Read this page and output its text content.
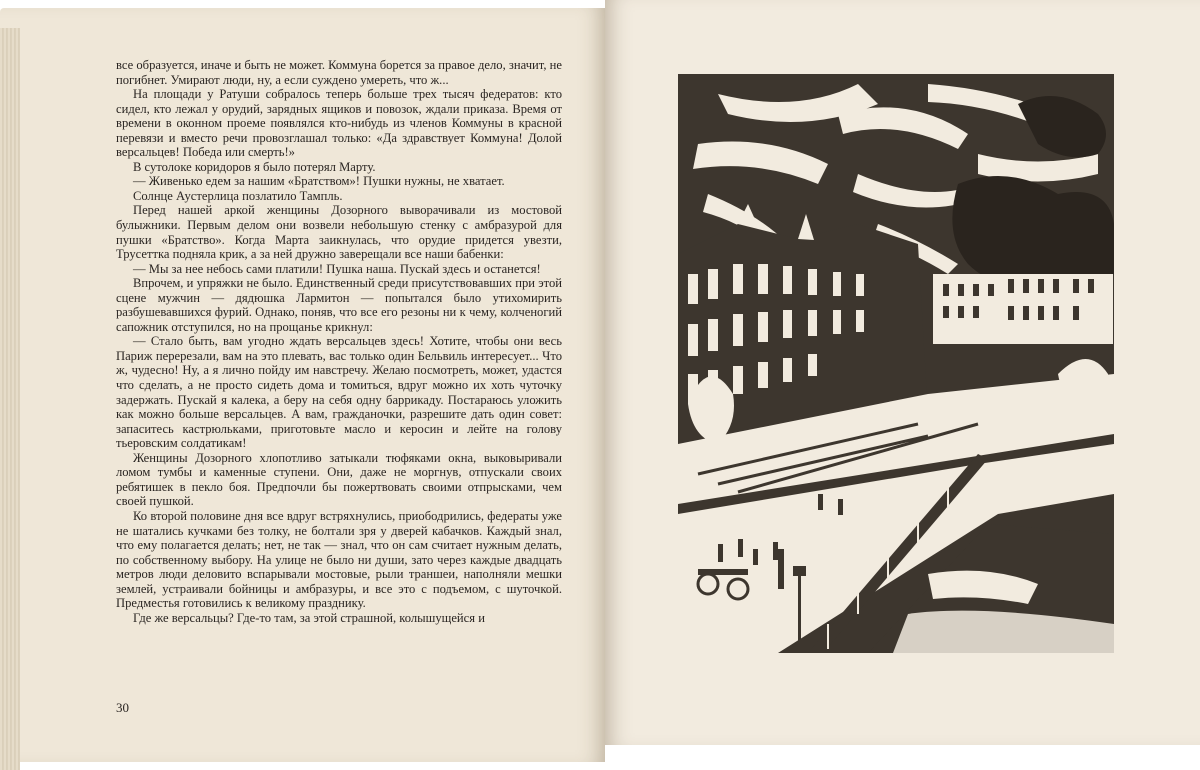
все образуется, иначе и быть не может. Коммуна борется за правое дело, значит, не погибнет. Умирают люди, ну, а если суждено умереть, что ж...

На площади у Ратуши собралось теперь больше трех тысяч федератов: кто сидел, кто лежал у орудий, зарядных ящиков и повозок, ждали приказа. Время от времени в оконном проеме появлялся кто-нибудь из членов Коммуны в красной перевязи и вместо речи провозглашал только: «Да здравствует Коммуна! Долой версальцев! Победа или смерть!»

В сутолоке коридоров я было потерял Марту.

— Живенько едем за нашим «Братством»! Пушки нужны, не хватает.

Солнце Аустерлица позлатило Тампль.

Перед нашей аркой женщины Дозорного выворачивали из мостовой булыжники. Первым делом они возвели небольшую стенку с амбразурой для пушки «Братство». Когда Марта заикнулась, что орудие придется увезти, Трусеттка подняла крик, а за ней дружно заверещали все наши бабенки:

— Мы за нее небось сами платили! Пушка наша. Пускай здесь и останется!

Впрочем, и упряжки не было. Единственный среди присутствовавших при этой сцене мужчин — дядюшка Лармитон — попытался было утихомирить разбушевавшихся фурий. Однако, поняв, что все его резоны ни к чему, колченогий сапожник отступился, но на прощанье крикнул:

— Стало быть, вам угодно ждать версальцев здесь! Хотите, чтобы они весь Париж перерезали, вам на это плевать, вас только один Бельвиль интересует... Что ж, чудесно! Ну, а я лично пойду им навстречу. Желаю посмотреть, может, удастся что сделать, а не просто сидеть дома и томиться, вдруг можно их хоть чуточку задержать. Пускай я калека, а беру на себя одну баррикаду. Постараюсь уложить как можно больше версальцев. А вам, гражданочки, разрешите дать один совет: запаситесь кастрюльками, приготовьте масло и керосин и лейте на голову тьеровским солдатикам!

Женщины Дозорного хлопотливо затыкали тюфяками окна, выковыривали ломом тумбы и каменные ступени. Они, даже не моргнув, отпускали своих ребятишек в пекло боя. Предпочли бы пожертвовать своими отпрысками, чем своей пушкой.

Ко второй половине дня все вдруг встряхнулись, приободрились, федераты уже не шатались кучками без толку, не болтали зря у дверей кабачков. Каждый знал, что ему полагается делать; нет, не так — знал, что он сам считает нужным делать, по собственному выбору. На улице не было ни души, зато через каждые двадцать метров люди деловито вспарывали мостовые, рыли траншеи, наполняли мешки землей, устраивали бойницы и амбразуры, и все это с подъемом, с шуточкой. Предместья готовились к великому празднику.

Где же версальцы? Где-то там, за этой страшной, колышущейся и

30
